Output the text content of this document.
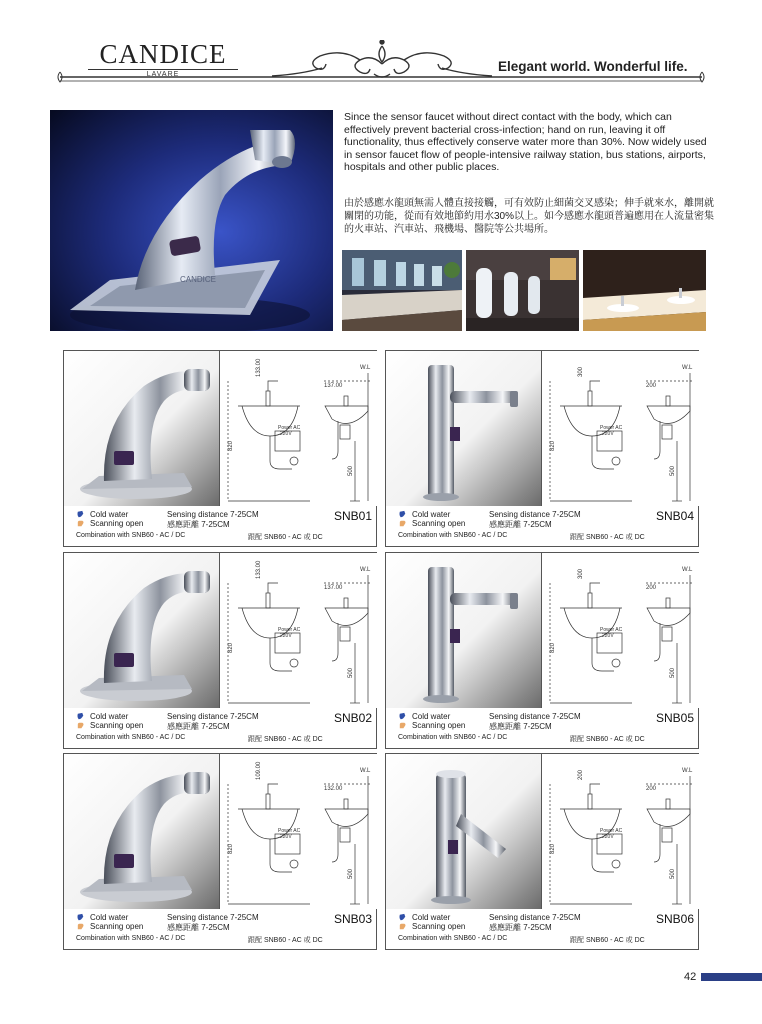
CANDICE
LAVARE
Elegant world. Wonderful life.
CANDICE
Since the sensor faucet without direct contact with the body, which can effectively prevent bacterial cross-infection; hand on run, leaving it off functionality, thus effectively conserve water more than 30%. Now widely used in sensor faucet flow of people-intensive railway station, bus stations, airports, hospitals and other public places.
由於感應水龍頭無需人體直接接觸，可有效防止細菌交叉感染；伸手就來水，離開就關閉的功能，從而有效地節約用水30%以上。如今感應水龍頭普遍應用在人流量密集的火車站、汽車站、飛機場、醫院等公共場所。
133.00
137.00
820
500
W.L
Power AC
220V
Cold water
Scanning open
Sensing distance 7-25CM
感應距離 7-25CM
SNB01
Combination with SNB60 - AC / DC	跟配 SNB60 - AC 或 DC
300
200
820
500
W.L
Power AC
220V
Cold water
Scanning open
Sensing distance 7-25CM
感應距離 7-25CM
SNB04
Combination with SNB60 - AC / DC	跟配 SNB60 - AC 或 DC
133.00
137.00
820
500
W.L
Power AC
220V
Cold water
Scanning open
Sensing distance 7-25CM
感應距離 7-25CM
SNB02
Combination with SNB60 - AC / DC	跟配 SNB60 - AC 或 DC
300
200
820
500
W.L
Power AC
220V
Cold water
Scanning open
Sensing distance 7-25CM
感應距離 7-25CM
SNB05
Combination with SNB60 - AC / DC	跟配 SNB60 - AC 或 DC
109.00
132.00
820
500
W.L
Power AC
220V
Cold water
Scanning open
Sensing distance 7-25CM
感應距離 7-25CM
SNB03
Combination with SNB60 - AC / DC	跟配 SNB60 - AC 或 DC
200
200
820
500
W.L
Power AC
220V
Cold water
Scanning open
Sensing distance 7-25CM
感應距離 7-25CM
SNB06
Combination with SNB60 - AC / DC	跟配 SNB60 - AC 或 DC
42
